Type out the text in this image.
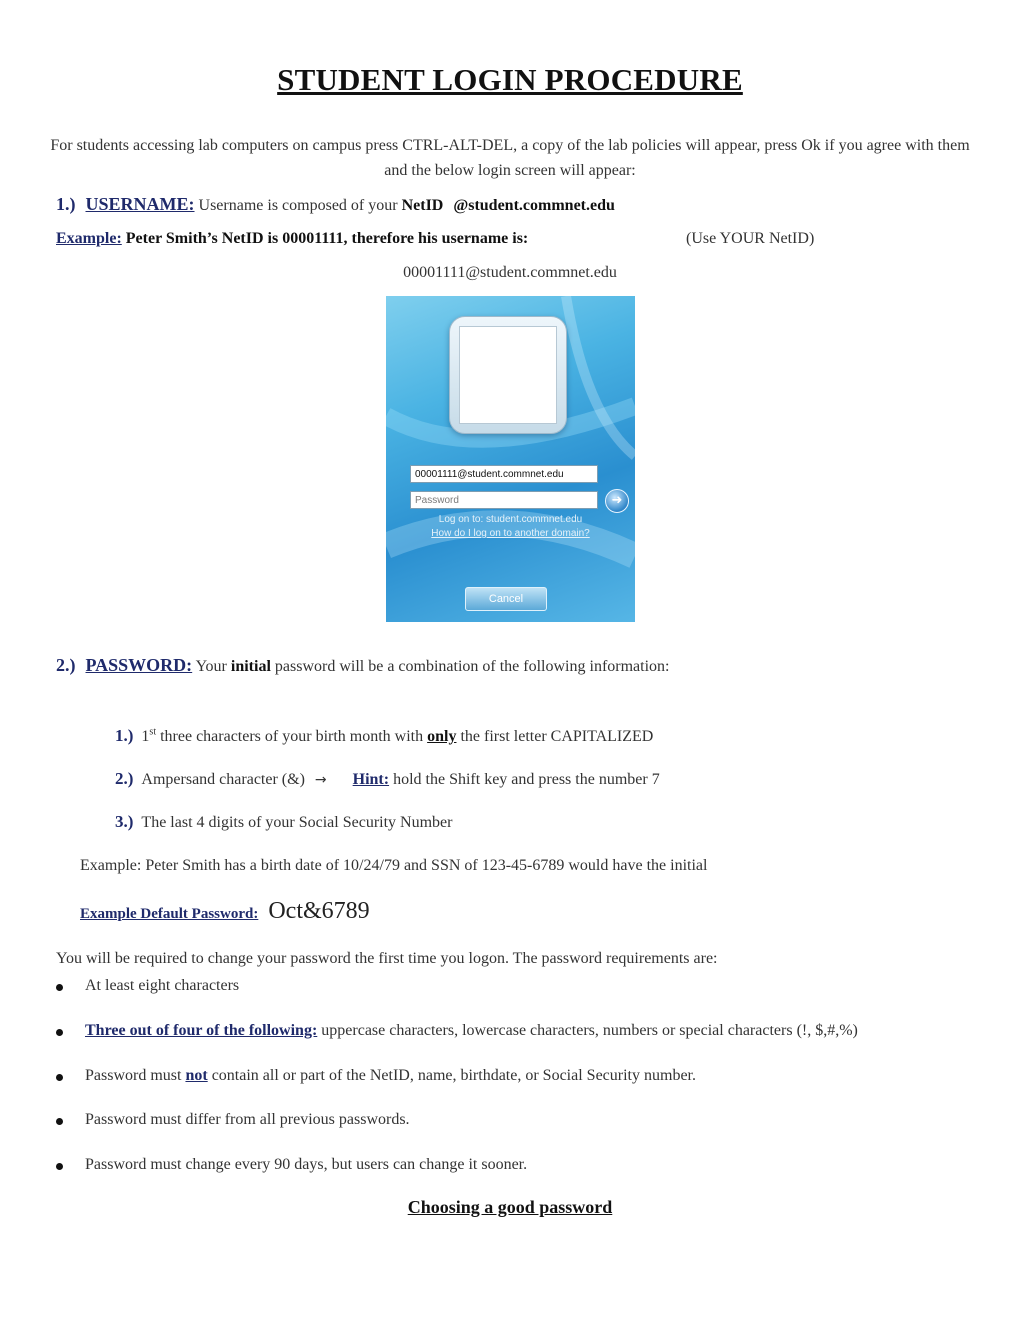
STUDENT LOGIN PROCEDURE
For students accessing lab computers on campus press CTRL-ALT-DEL, a copy of the lab policies will appear, press Ok if you agree with them and the below login screen will appear:
1.) USERNAME: Username is composed of your NetID @student.commnet.edu
Example: Peter Smith’s NetID is 00001111, therefore his username is:	(Use YOUR NetID)
00001111@student.commnet.edu
00001111@student.commnet.edu
Password	➜
Log on to: student.commnet.edu
How do I log on to another domain?
Cancel
2.) PASSWORD: Your initial password will be a combination of the following information:
1.) 1st three characters of your birth month with only the first letter CAPITALIZED
2.) Ampersand character (&) → Hint: hold the Shift key and press the number 7
3.) The last 4 digits of your Social Security Number
Example: Peter Smith has a birth date of 10/24/79 and SSN of 123-45-6789 would have the initial
Example Default Password: Oct&6789
You will be required to change your password the first time you logon. The password requirements are:
At least eight characters
Three out of four of the following: uppercase characters, lowercase characters, numbers or special characters (!, $,#,%)
Password must not contain all or part of the NetID, name, birthdate, or Social Security number.
Password must differ from all previous passwords.
Password must change every 90 days, but users can change it sooner.
Choosing a good password
